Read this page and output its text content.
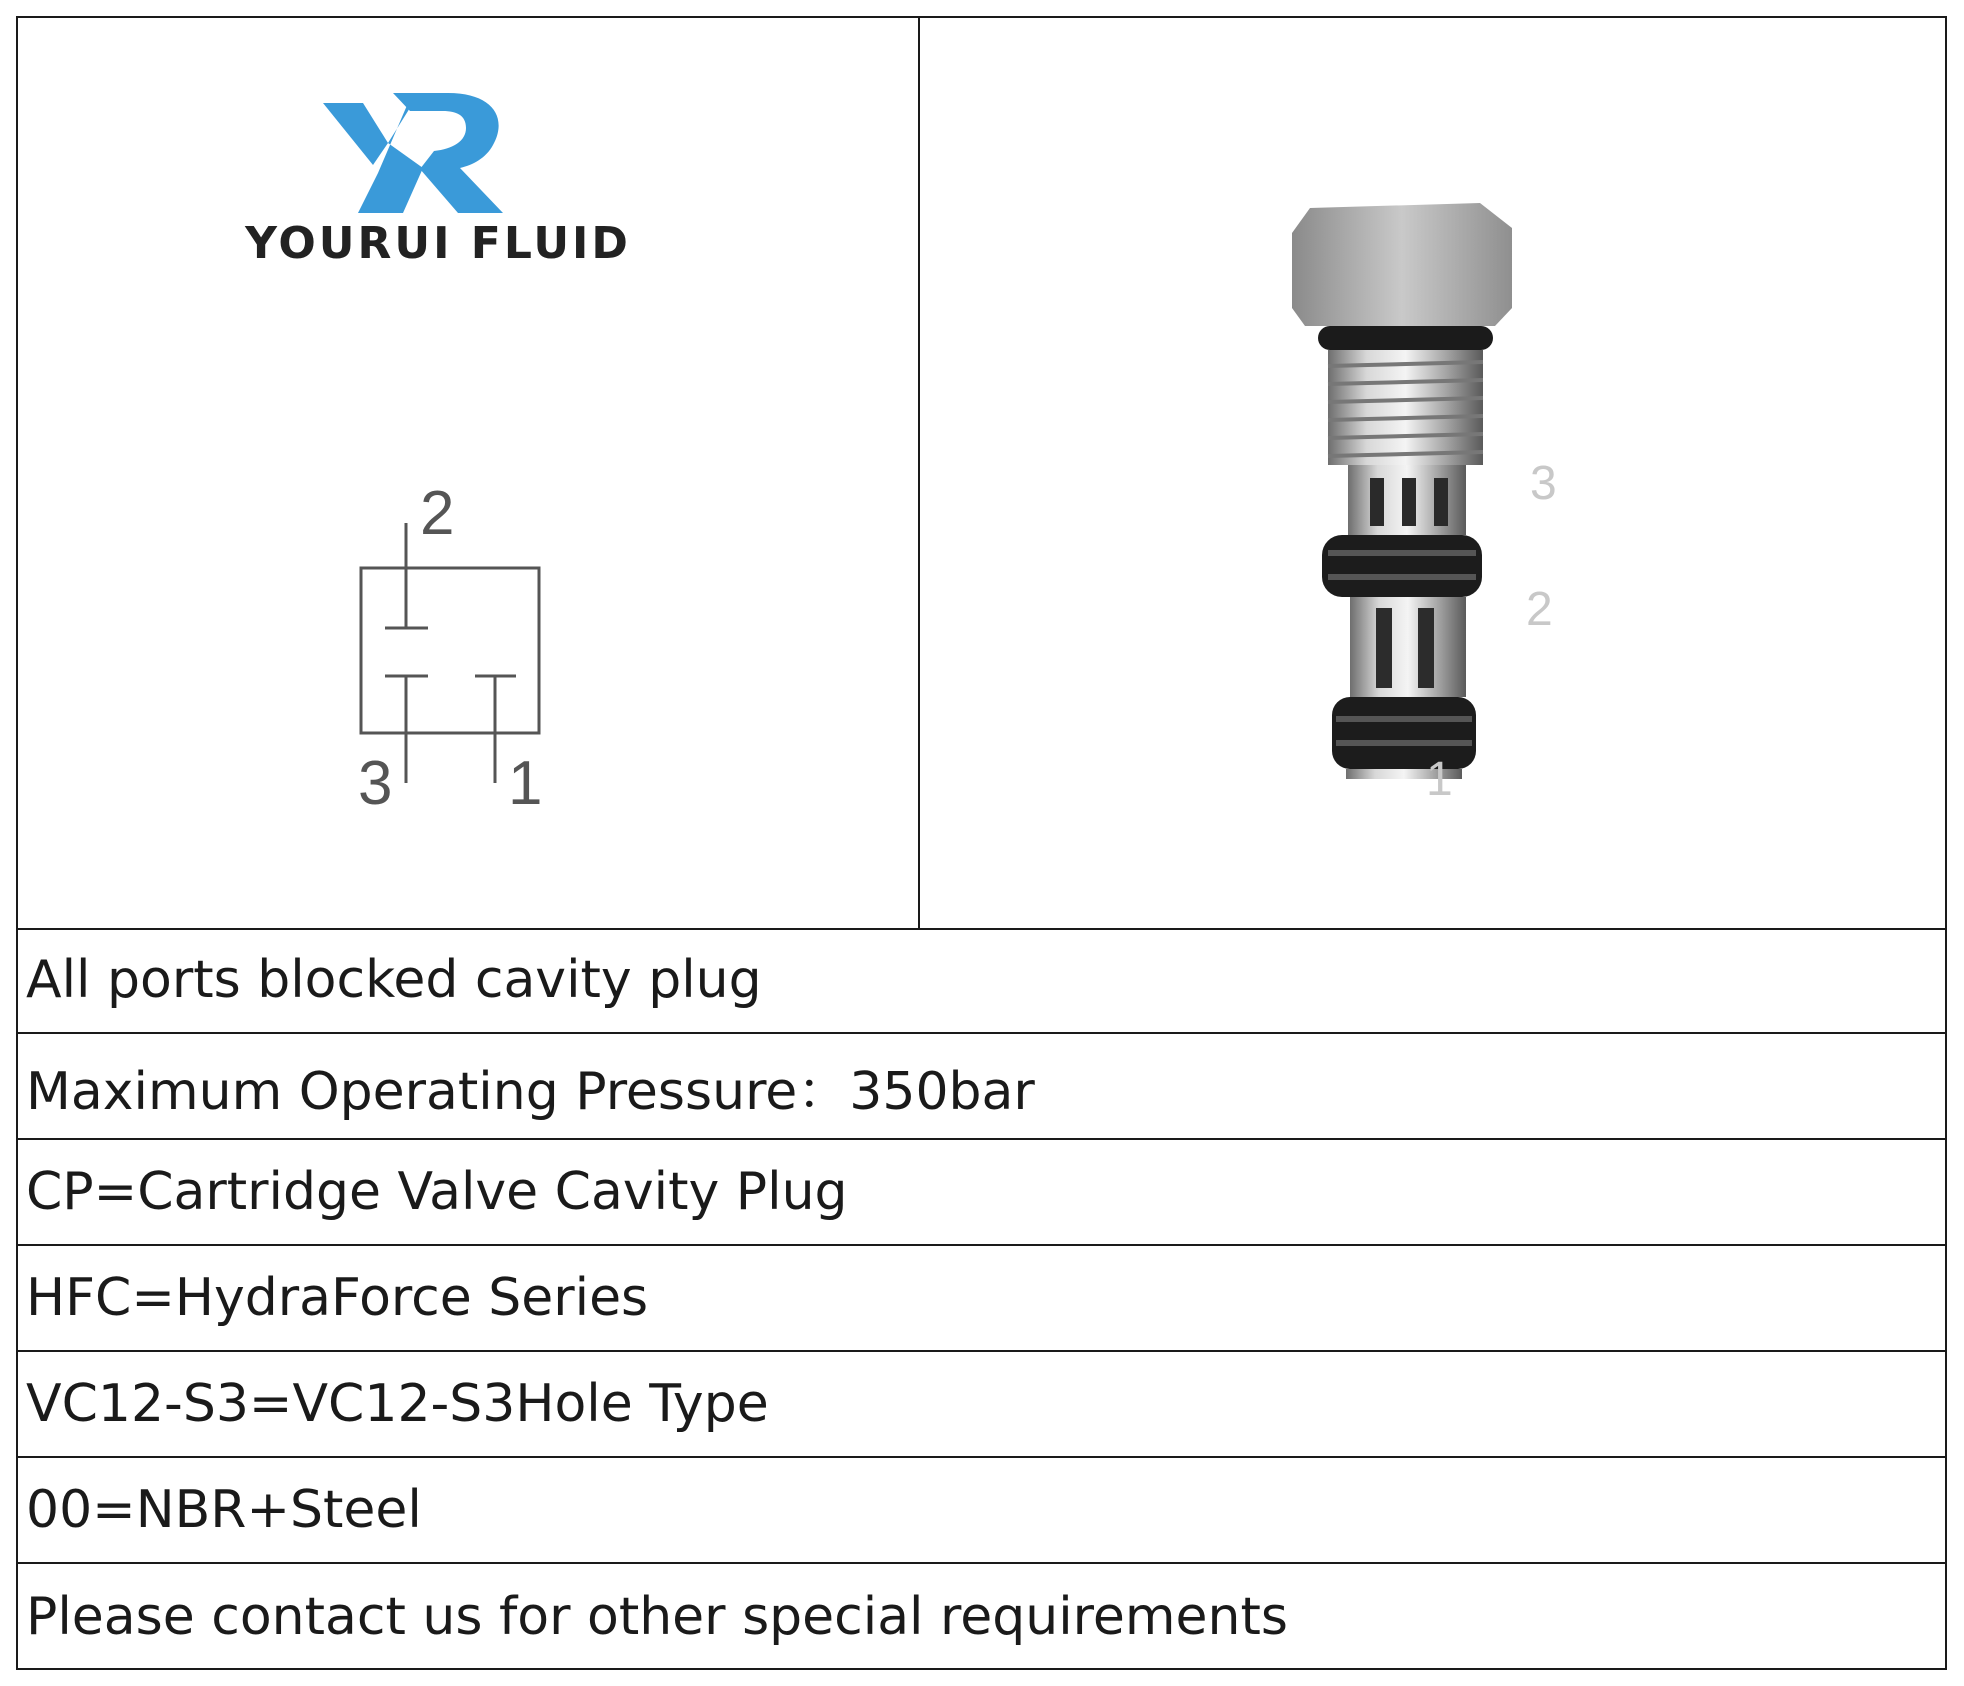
YOURUI FLUID
2
3 1
3
2
1
All ports blocked cavity plug
Maximum Operating Pressure：350bar
CP=Cartridge Valve Cavity Plug
HFC=HydraForce Series
VC12-S3=VC12-S3Hole Type
00=NBR+Steel
Please contact us for other special requirements
